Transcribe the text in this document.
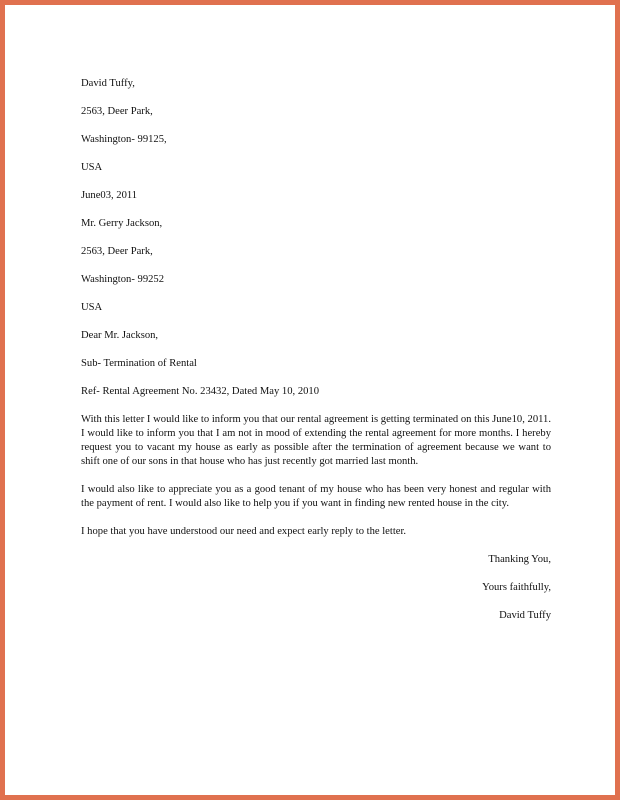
David Tuffy,
2563, Deer Park,
Washington- 99125,
USA
June03, 2011
Mr. Gerry Jackson,
2563, Deer Park,
Washington- 99252
USA
Dear Mr. Jackson,
Sub- Termination of Rental
Ref- Rental Agreement No. 23432, Dated May 10, 2010

With this letter I would like to inform you that our rental agreement is getting terminated on this June10, 2011. I would like to inform you that I am not in mood of extending the rental agreement for more months. I hereby request you to vacant my house as early as possible after the termination of agreement because we want to shift one of our sons in that house who has just recently got married last month.

I would also like to appreciate you as a good tenant of my house who has been very honest and regular with the payment of rent. I would also like to help you if you want in finding new rented house in the city.

I hope that you have understood our need and expect early reply to the letter.

Thanking You,
Yours faithfully,
David Tuffy
